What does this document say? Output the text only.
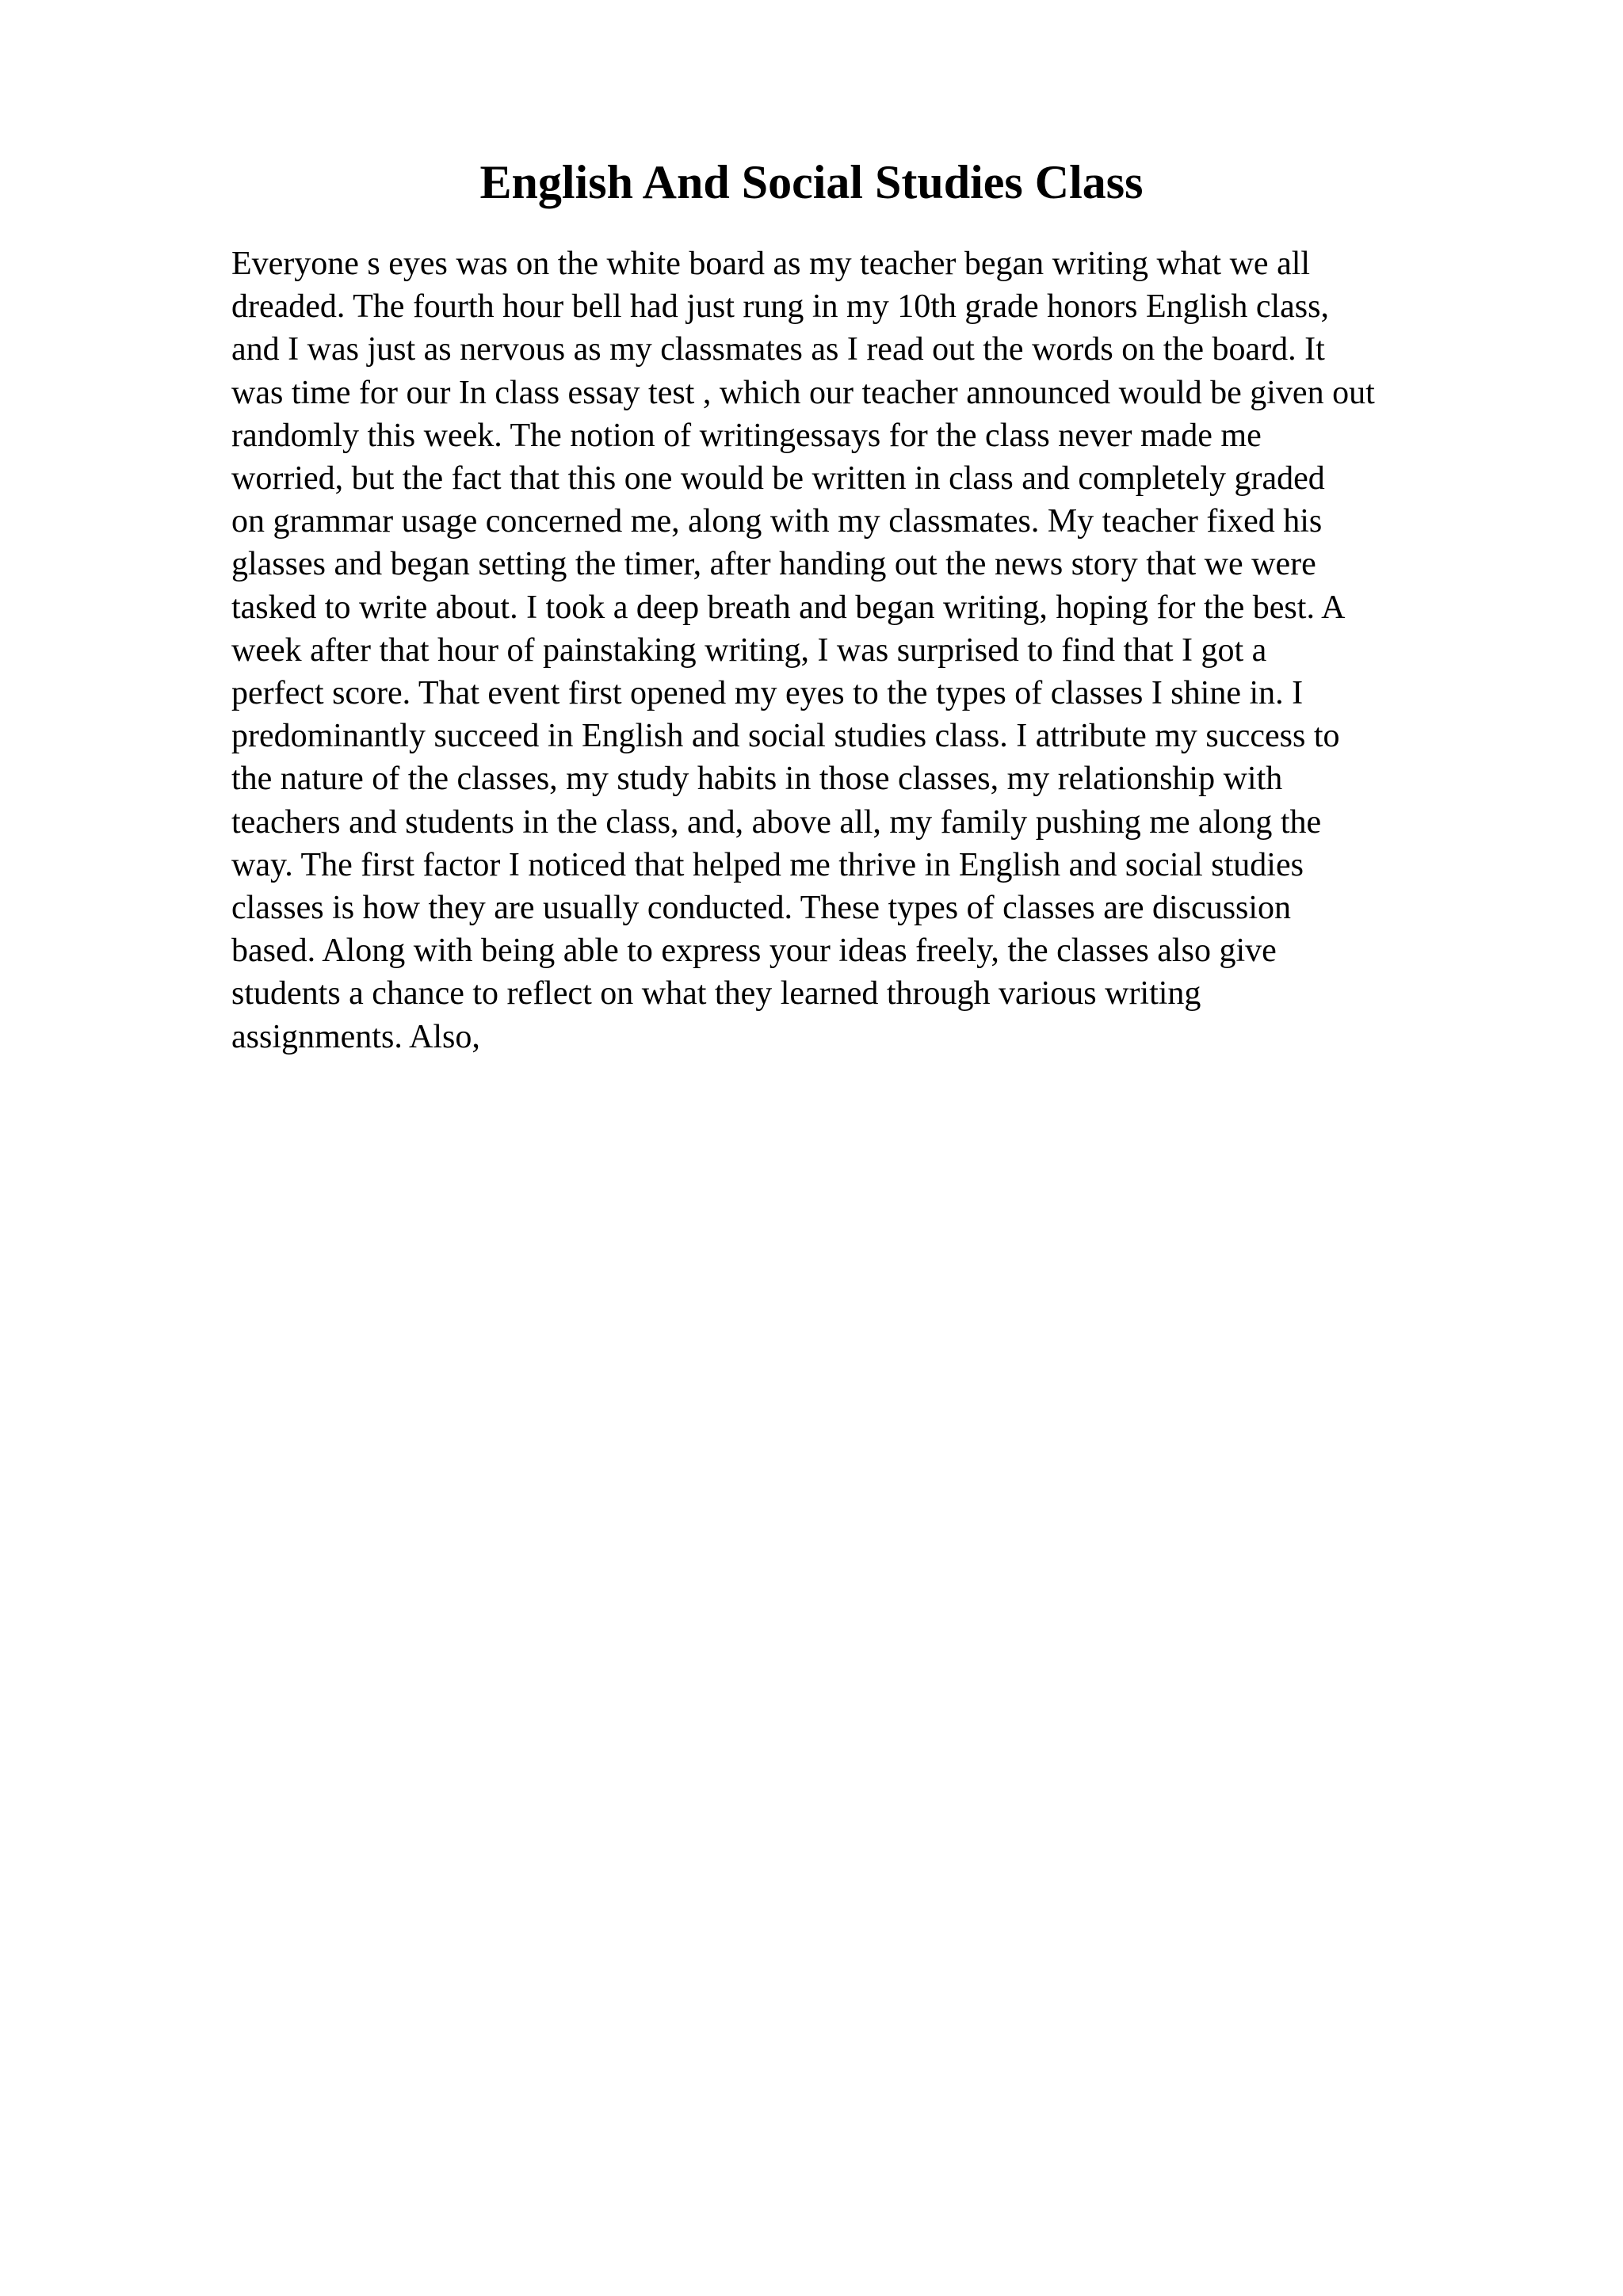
English And Social Studies Class
Everyone s eyes was on the white board as my teacher began writing what we all
dreaded. The fourth hour bell had just rung in my 10th grade honors English class,
and I was just as nervous as my classmates as I read out the words on the board. It
was time for our In class essay test , which our teacher announced would be given out
randomly this week. The notion of writingessays for the class never made me
worried, but the fact that this one would be written in class and completely graded
on grammar usage concerned me, along with my classmates. My teacher fixed his
glasses and began setting the timer, after handing out the news story that we were
tasked to write about. I took a deep breath and began writing, hoping for the best. A
week after that hour of painstaking writing, I was surprised to find that I got a
perfect score. That event first opened my eyes to the types of classes I shine in. I
predominantly succeed in English and social studies class. I attribute my success to
the nature of the classes, my study habits in those classes, my relationship with
teachers and students in the class, and, above all, my family pushing me along the
way. The first factor I noticed that helped me thrive in English and social studies
classes is how they are usually conducted. These types of classes are discussion
based. Along with being able to express your ideas freely, the classes also give
students a chance to reflect on what they learned through various writing
assignments. Also,
